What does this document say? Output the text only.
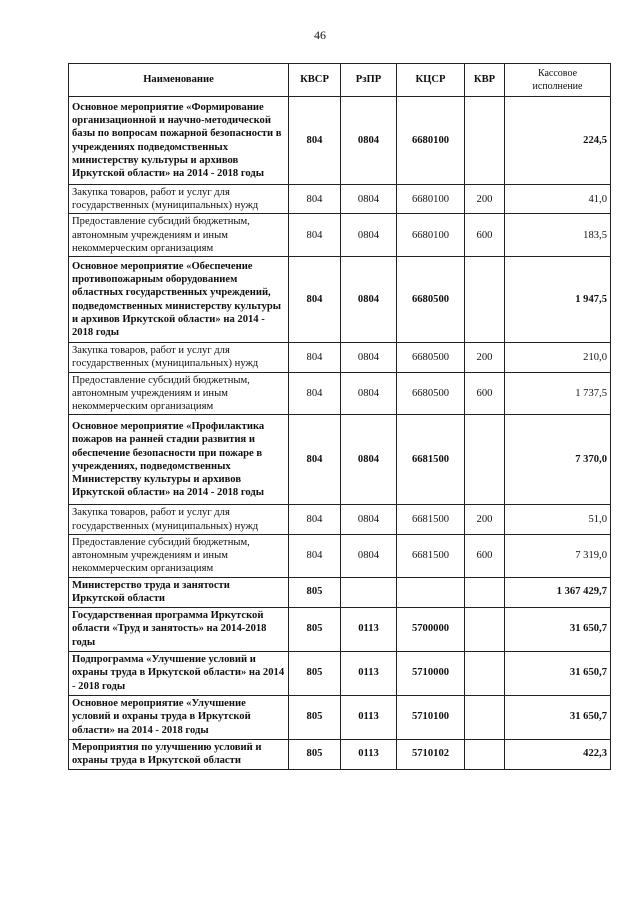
46
Наименование	КВСР	РзПР	КЦСР	КВР	Кассовое
исполнение
Основное мероприятие «Формирование организационной и научно-методической базы по вопросам пожарной безопасности в учреждениях подведомственных министерству культуры и архивов Иркутской области» на 2014 - 2018 годы	804	0804	6680100		224,5
Закупка товаров, работ и услуг для государственных (муниципальных) нужд	804	0804	6680100	200	41,0
Предоставление субсидий бюджетным, автономным учреждениям и иным некоммерческим организациям	804	0804	6680100	600	183,5
Основное мероприятие «Обеспечение противопожарным оборудованием областных государственных учреждений, подведомственных министерству культуры и архивов Иркутской области» на 2014 - 2018 годы	804	0804	6680500		1 947,5
Закупка товаров, работ и услуг для государственных (муниципальных) нужд	804	0804	6680500	200	210,0
Предоставление субсидий бюджетным, автономным учреждениям и иным некоммерческим организациям	804	0804	6680500	600	1 737,5
Основное мероприятие «Профилактика пожаров на ранней стадии развития и обеспечение безопасности при пожаре в учреждениях, подведомственных Министерству культуры и архивов Иркутской области» на 2014 - 2018 годы	804	0804	6681500		7 370,0
Закупка товаров, работ и услуг для государственных (муниципальных) нужд	804	0804	6681500	200	51,0
Предоставление субсидий бюджетным, автономным учреждениям и иным некоммерческим организациям	804	0804	6681500	600	7 319,0
Министерство труда и занятости Иркутской области	805				1 367 429,7
Государственная программа Иркутской области «Труд и занятость» на 2014-2018 годы	805	0113	5700000		31 650,7
Подпрограмма «Улучшение условий и охраны труда в Иркутской области» на 2014 - 2018 годы	805	0113	5710000		31 650,7
Основное мероприятие «Улучшение условий и охраны труда в Иркутской области» на 2014 - 2018 годы	805	0113	5710100		31 650,7
Мероприятия по улучшению условий и охраны труда в Иркутской области	805	0113	5710102		422,3
